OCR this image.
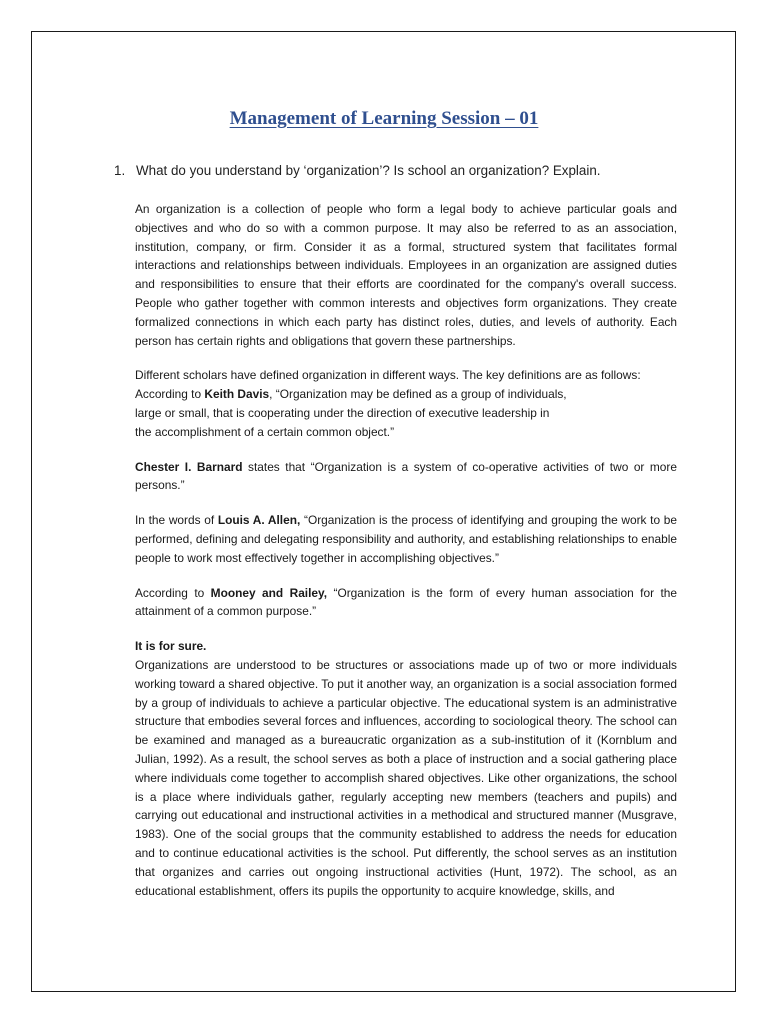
Management of Learning Session – 01
1. What do you understand by ‘organization’? Is school an organization? Explain.

An organization is a collection of people who form a legal body to achieve particular goals and objectives and who do so with a common purpose. It may also be referred to as an association, institution, company, or firm. Consider it as a formal, structured system that facilitates formal interactions and relationships between individuals. Employees in an organization are assigned duties and responsibilities to ensure that their efforts are coordinated for the company's overall success. People who gather together with common interests and objectives form organizations. They create formalized connections in which each party has distinct roles, duties, and levels of authority. Each person has certain rights and obligations that govern these partnerships.

Different scholars have defined organization in different ways. The key definitions are as follows:
According to Keith Davis, “Organization may be defined as a group of individuals,
large or small, that is cooperating under the direction of executive leadership in
the accomplishment of a certain common object.”

Chester I. Barnard states that “Organization is a system of co-operative activities of two or more persons.”

In the words of Louis A. Allen, “Organization is the process of identifying and grouping the work to be performed, defining and delegating responsibility and authority, and establishing relationships to enable people to work most effectively together in accomplishing objectives.”

According to Mooney and Railey, “Organization is the form of every human association for the attainment of a common purpose.”

It is for sure.

Organizations are understood to be structures or associations made up of two or more individuals working toward a shared objective. To put it another way, an organization is a social association formed by a group of individuals to achieve a particular objective. The educational system is an administrative structure that embodies several forces and influences, according to sociological theory. The school can be examined and managed as a bureaucratic organization as a sub-institution of it (Kornblum and Julian, 1992). As a result, the school serves as both a place of instruction and a social gathering place where individuals come together to accomplish shared objectives. Like other organizations, the school is a place where individuals gather, regularly accepting new members (teachers and pupils) and carrying out educational and instructional activities in a methodical and structured manner (Musgrave, 1983). One of the social groups that the community established to address the needs for education and to continue educational activities is the school. Put differently, the school serves as an institution that organizes and carries out ongoing instructional activities (Hunt, 1972). The school, as an educational establishment, offers its pupils the opportunity to acquire knowledge, skills, and
